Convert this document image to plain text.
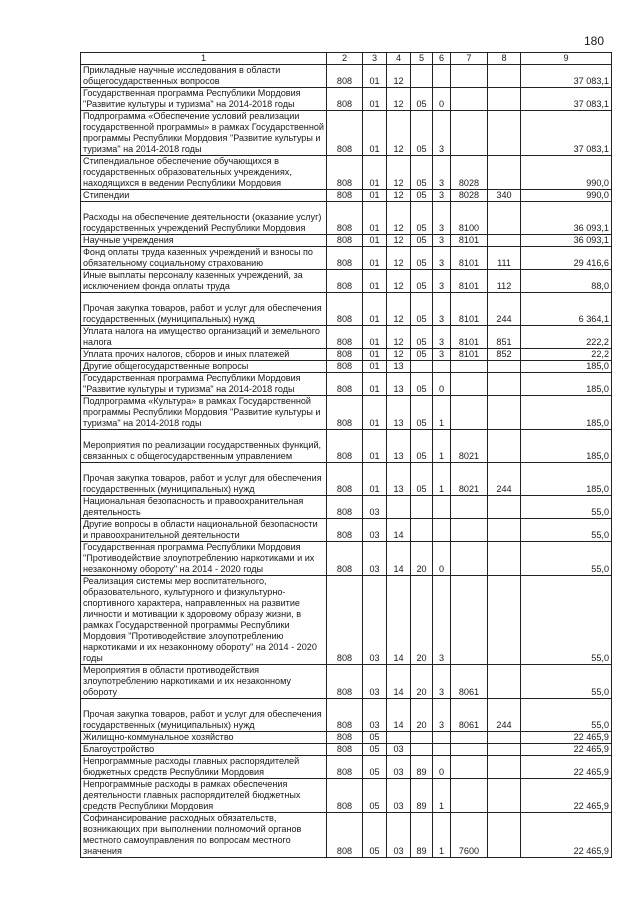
180
1	2	3	4	5	6	7	8	9
Прикладные научные исследования в области общегосударственных вопросов	808	01	12					37 083,1
Государственная программа Республики Мордовия "Развитие культуры и туризма" на 2014-2018 годы	808	01	12	05	0			37 083,1
Подпрограмма «Обеспечение условий реализации государственной программы» в рамках Государственной программы Республики Мордовия "Развитие культуры и туризма" на 2014-2018 годы	808	01	12	05	3			37 083,1
Стипендиальное обеспечение обучающихся в государственных образовательных учреждениях, находящихся в ведении Республики Мордовия	808	01	12	05	3	8028		990,0
Стипендии	808	01	12	05	3	8028	340	990,0
Расходы на обеспечение деятельности (оказание услуг) государственных учреждений Республики Мордовия	808	01	12	05	3	8100		36 093,1
Научные учреждения	808	01	12	05	3	8101		36 093,1
Фонд оплаты труда казенных учреждений и взносы по обязательному социальному страхованию	808	01	12	05	3	8101	111	29 416,6
Иные выплаты персоналу казенных учреждений, за исключением фонда оплаты труда	808	01	12	05	3	8101	112	88,0
Прочая закупка товаров, работ и услуг для обеспечения государственных (муниципальных) нужд	808	01	12	05	3	8101	244	6 364,1
Уплата налога на имущество организаций и земельного налога	808	01	12	05	3	8101	851	222,2
Уплата прочих налогов, сборов и иных платежей	808	01	12	05	3	8101	852	22,2
Другие общегосударственные вопросы	808	01	13					185,0
Государственная программа Республики Мордовия "Развитие культуры и туризма" на 2014-2018 годы	808	01	13	05	0			185,0
Подпрограмма «Культура» в рамках Государственной программы Республики Мордовия "Развитие культуры и туризма" на 2014-2018 годы	808	01	13	05	1			185,0
Мероприятия по реализации государственных функций, связанных с общегосударственным управлением	808	01	13	05	1	8021		185,0
Прочая закупка товаров, работ и услуг для обеспечения государственных (муниципальных) нужд	808	01	13	05	1	8021	244	185,0
Национальная безопасность и правоохранительная деятельность	808	03						55,0
Другие вопросы в области национальной безопасности и правоохранительной деятельности	808	03	14					55,0
Государственная программа Республики Мордовия "Противодействие злоупотреблению наркотиками и их незаконному обороту" на 2014 - 2020 годы	808	03	14	20	0			55,0
Реализация системы мер воспитательного, образовательного, культурного и физкультурно-спортивного характера, направленных на развитие личности и мотивации к здоровому образу жизни, в рамках Государственной программы Республики Мордовия "Противодействие злоупотреблению наркотиками и их незаконному обороту" на 2014 - 2020 годы	808	03	14	20	3			55,0
Мероприятия в области противодействия злоупотреблению наркотиками и их незаконному обороту	808	03	14	20	3	8061		55,0
Прочая закупка товаров, работ и услуг для обеспечения государственных (муниципальных) нужд	808	03	14	20	3	8061	244	55,0
Жилищно-коммунальное хозяйство	808	05						22 465,9
Благоустройство	808	05	03					22 465,9
Непрограммные расходы главных распорядителей бюджетных средств Республики Мордовия	808	05	03	89	0			22 465,9
Непрограммные расходы в рамках обеспечения деятельности главных распорядителей бюджетных средств Республики Мордовия	808	05	03	89	1			22 465,9
Софинансирование расходных обязательств, возникающих при выполнении полномочий органов местного самоуправления по вопросам местного значения	808	05	03	89	1	7600		22 465,9
